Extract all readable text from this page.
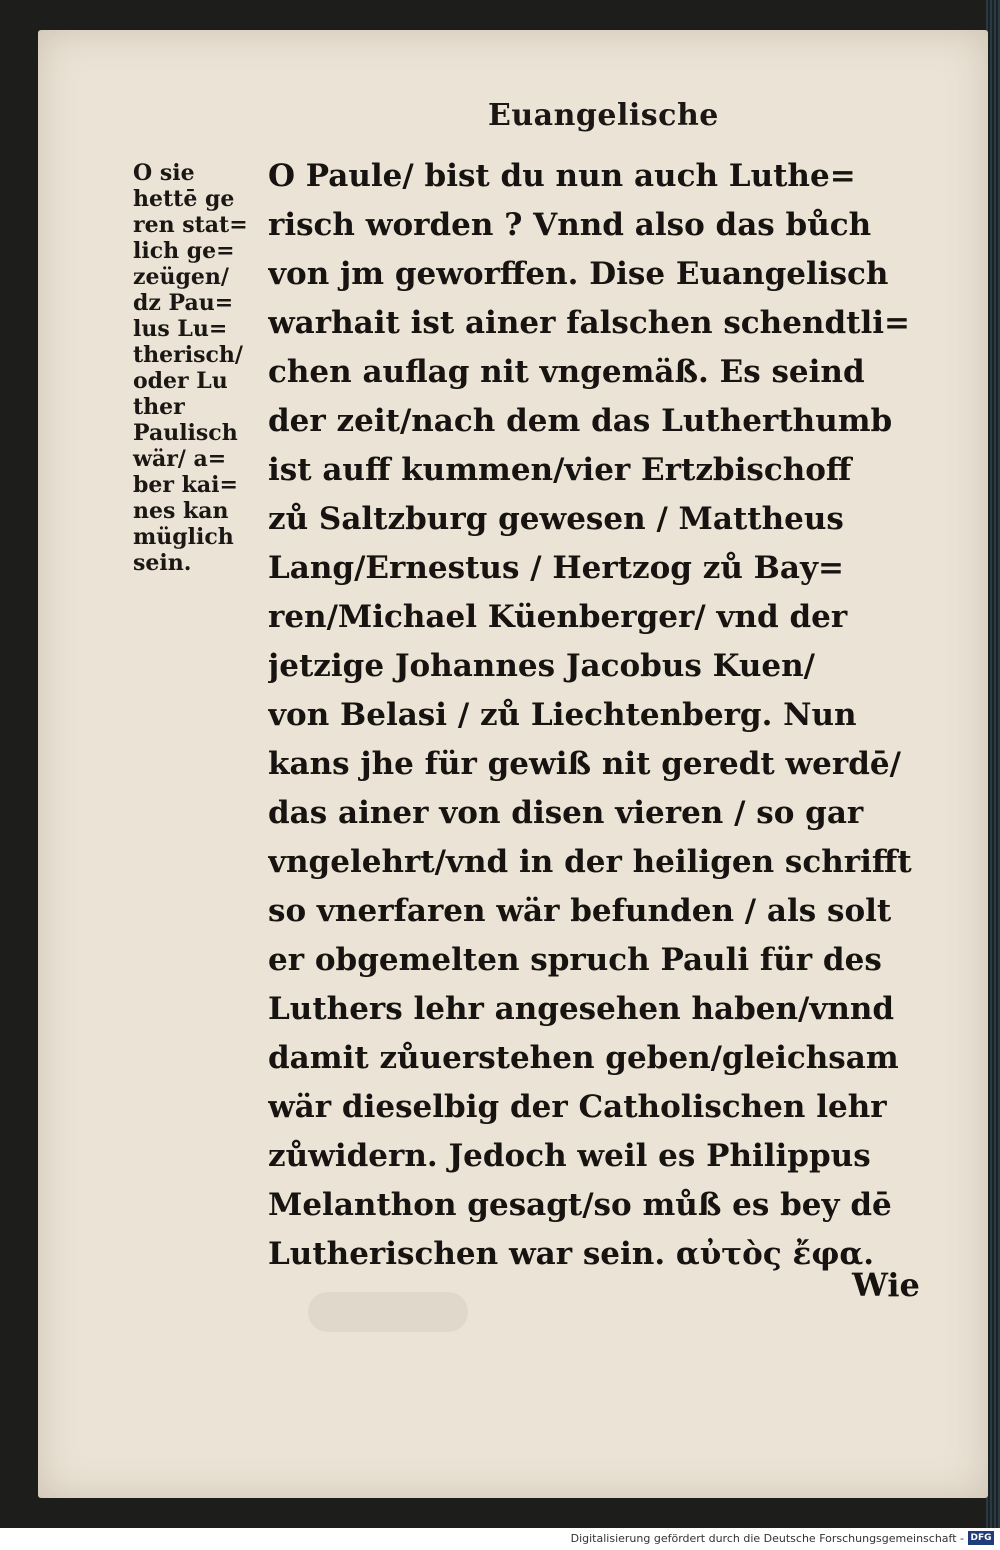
Euangelische
O sie
hettē ge
ren stat=
lich ge=
zeügen/
dz Pau=
lus Lu=
therisch/
oder Lu
ther
Paulisch
wär/ a=
ber kai=
nes kan
müglich
sein.
O Paule/ bist du nun auch Luthe=
risch worden ? Vnnd also das bůch
von jm geworffen. Dise Euangelisch
warhait ist ainer falschen schendtli=
chen auflag nit vngemäß. Es seind
der zeit/nach dem das Lutherthumb
ist auff kummen/vier Ertzbischoff
zů Saltzburg gewesen / Mattheus
Lang/Ernestus / Hertzog zů Bay=
ren/Michael Küenberger/ vnd der
jetzige Johannes Jacobus Kuen/
von Belasi / zů Liechtenberg. Nun
kans jhe für gewiß nit geredt werdē/
das ainer von disen vieren / so gar
vngelehrt/vnd in der heiligen schrifft
so vnerfaren wär befunden / als solt
er obgemelten spruch Pauli für des
Luthers lehr angesehen haben/vnnd
damit zůuerstehen geben/gleichsam
wär dieselbig der Catholischen lehr
zůwidern. Jedoch weil es Philippus
Melanthon gesagt/so můß es bey dē
Lutherischen war sein. αὐτὸς ἔφα.
Wie
Digitalisierung gefördert durch die Deutsche Forschungsgemeinschaft - DFG
